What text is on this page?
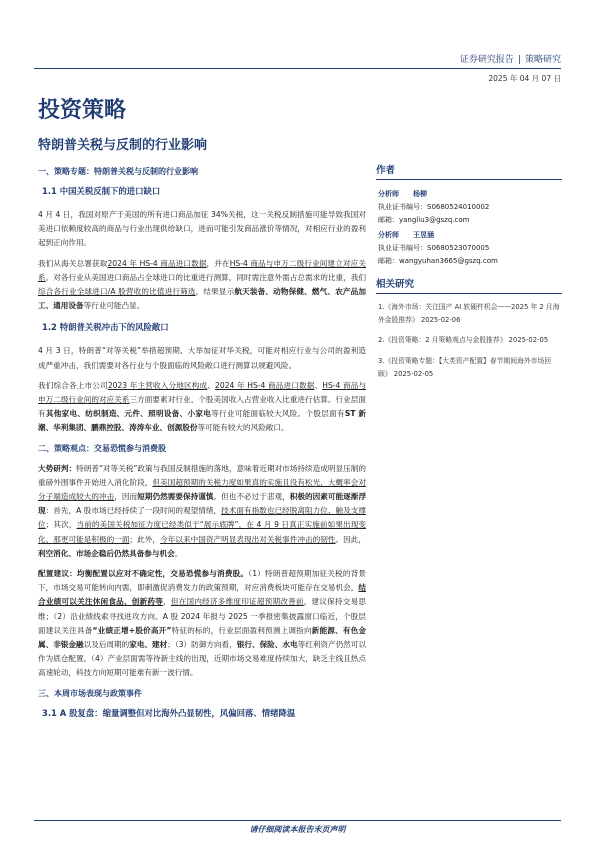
证券研究报告 | 策略研究
2025 年 04 月 07 日
投资策略
特朗普关税与反制的行业影响
一、策略专题：特朗普关税与反制的行业影响
1.1 中国关税反制下的进口缺口

4 月 4 日，我国对原产于美国的所有进口商品加征 34%关税，这一关税反制措施可能导致我国对美进口依赖度较高的商品与行业出现供给缺口，进而可能引发商品涨价等情况，对相应行业的盈利起到正向作用。

我们从海关总署获取2024 年 HS-4 商品进口数据，并在HS-4 商品与申万二级行业间建立对应关系。对各行业从美国进口商品占全球进口的比重进行测算，同时需注意外需占总需求的比重，我们综合各行业全球进口/A 股营收的比值进行筛选，结果显示航天装备、动物保健、燃气、农产品加工、通用设备等行业可能凸显。

1.2 特朗普关税冲击下的风险敞口

4 月 3 日，特朗普“对等关税”举措超预期、大举加征对华关税，可能对相应行业与公司的盈利造成严重冲击，我们需要对各行业与个股面临的风险敞口进行测算以规避风险。

我们综合各上市公司2023 年主营收入分地区构成、2024 年 HS-4 商品进口数据、HS-4 商品与申万二级行业间的对应关系三方面要素对行业、个股美国收入占营业收入比重进行估算。行业层面有其他家电、纺织制造、元件、照明设备、小家电等行业可能面临较大风险。个股层面有ST 新潮、华利集团、鹏鼎控股、涛涛车业、创源股份等可能有较大的风险敞口。

二、策略观点：交易恐慌参与消费股

大势研判：特朗普“对等关税”政策与我国反制措施的落地，意味着近期对市场持续造成明显压制的重磅外围事件开始进入消化阶段，但美国超预期的关税力度如果真的实施且没有松光，大概率会对分子端造成较大的冲击，因而短期仍然需要保持谨慎。但也不必过于悲观，积极的因素可能逐渐浮现：首先，A 股市场已经持续了一段时间的观望情绪，技术面有指数也已经脱离阻力位、触及支撑位；其次，当前的美国关税加征力度已经类似于“展示底牌”，在 4 月 9 日真正实施前如果出现变化、那更可能是积极的一面；此外，今年以来中国资产明显表现出对关税事件冲击的韧性。因此，利空消化、市场企稳后仍然具备参与机会。

配置建议：均衡配置以应对不确定性，交易恐慌参与消费股。（1）特朗普超预期加征关税的背景下，市场交易可能转向内需，即刺激促消费发力的政策预期，对应消费板块可能存在交易机会，结合业绩可以关注休闲食品、创新药等，但在国内经济多维度印证超预期改善前，建议保持交易思维；（2）沿业绩线索寻找进攻方向。A 股 2024 年报与 2025 一季报密集披露窗口临近，个股层面建议关注具备“业绩正增+股价高开”特征的标的，行业层面盈利预测上调指向新能源、有色金属、非银金融以及后周期的家电、建材；（3）防御方向看，银行、保险、水电等红利资产仍然可以作为底仓配置。（4）产业层面需等待新主线的出现，近期市场交易难度持续加大，缺乏主线且热点高速轮动，科技方向短期可能难有新一波行情。

三、本周市场表现与政策事件
3.1 A 股复盘：缩量调整但对比海外凸显韧性，风偏回落、情绪降温
作者
分析师 杨柳
执业证书编号：S0680524010002
邮箱：yangliu3@gszq.com
分析师 王昱涵
执业证书编号：S0680523070005
邮箱：wangyuhan3665@gszq.com
相关研究
1.《海外市场：关注国产 AI 软硬件机会——2025 年 2 月海外金股推荐》 2025-02-06
2.《投资策略：2 月策略观点与金股推荐》 2025-02-05
3.《投资策略专题：【大类资产配置】春节期间海外市场回顾》 2025-02-05
请仔细阅读本报告末页声明
